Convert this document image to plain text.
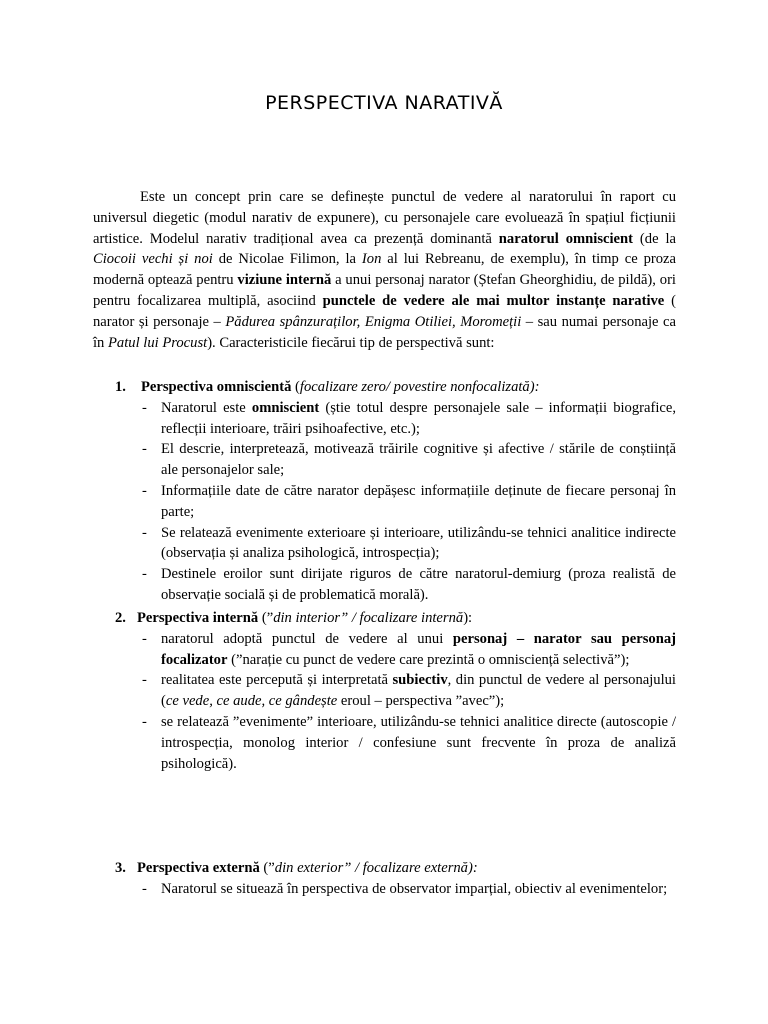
PERSPECTIVA NARATIVĂ

Este un concept prin care se definește punctul de vedere al naratorului în raport cu universul diegetic (modul narativ de expunere), cu personajele care evoluează în spațiul ficțiunii artistice. Modelul narativ tradițional avea ca prezență dominantă naratorul omniscient (de la Ciocoii vechi și noi de Nicolae Filimon, la Ion al lui Rebreanu, de exemplu), în timp ce proza modernă optează pentru viziune internă a unui personaj narator (Ștefan Gheorghidiu, de pildă), ori pentru focalizarea multiplă, asociind punctele de vedere ale mai multor instanțe narative ( narator și personaje – Pădurea spânzuraților, Enigma Otiliei, Moromeții – sau numai personaje ca în Patul lui Procust). Caracteristicile fiecărui tip de perspectivă sunt:

1.	Perspectiva omniscientă (focalizare zero/ povestire nonfocalizată):

- Naratorul este omniscient (știe totul despre personajele sale – informații biografice, reflecții interioare, trăiri psihoafective, etc.);
- El descrie, interpretează, motivează trăirile cognitive și afective / stările de conștiință ale personajelor sale;
- Informațiile date de către narator depășesc informațiile deținute de fiecare personaj în parte;
- Se relatează evenimente exterioare și interioare, utilizându-se tehnici analitice indirecte (observația și analiza psihologică, introspecția);
- Destinele eroilor sunt dirijate riguros de către naratorul-demiurg (proza realistă de observație socială și de problematică morală).

2. Perspectiva internă (”din interior” / focalizare internă):

- naratorul adoptă punctul de vedere al unui personaj – narator sau personaj focalizator (”narație cu punct de vedere care prezintă o omnisciență selectivă”);
- realitatea este percepută și interpretată subiectiv, din punctul de vedere al personajului (ce vede, ce aude, ce gândește eroul – perspectiva ”avec”);
- se relatează ”evenimente” interioare, utilizându-se tehnici analitice directe (autoscopie / introspecția, monolog interior / confesiune sunt frecvente în proza de analiză psihologică).

3. Perspectiva externă (”din exterior” / focalizare externă):

- Naratorul se situează în perspectiva de observator imparțial, obiectiv al evenimentelor;
